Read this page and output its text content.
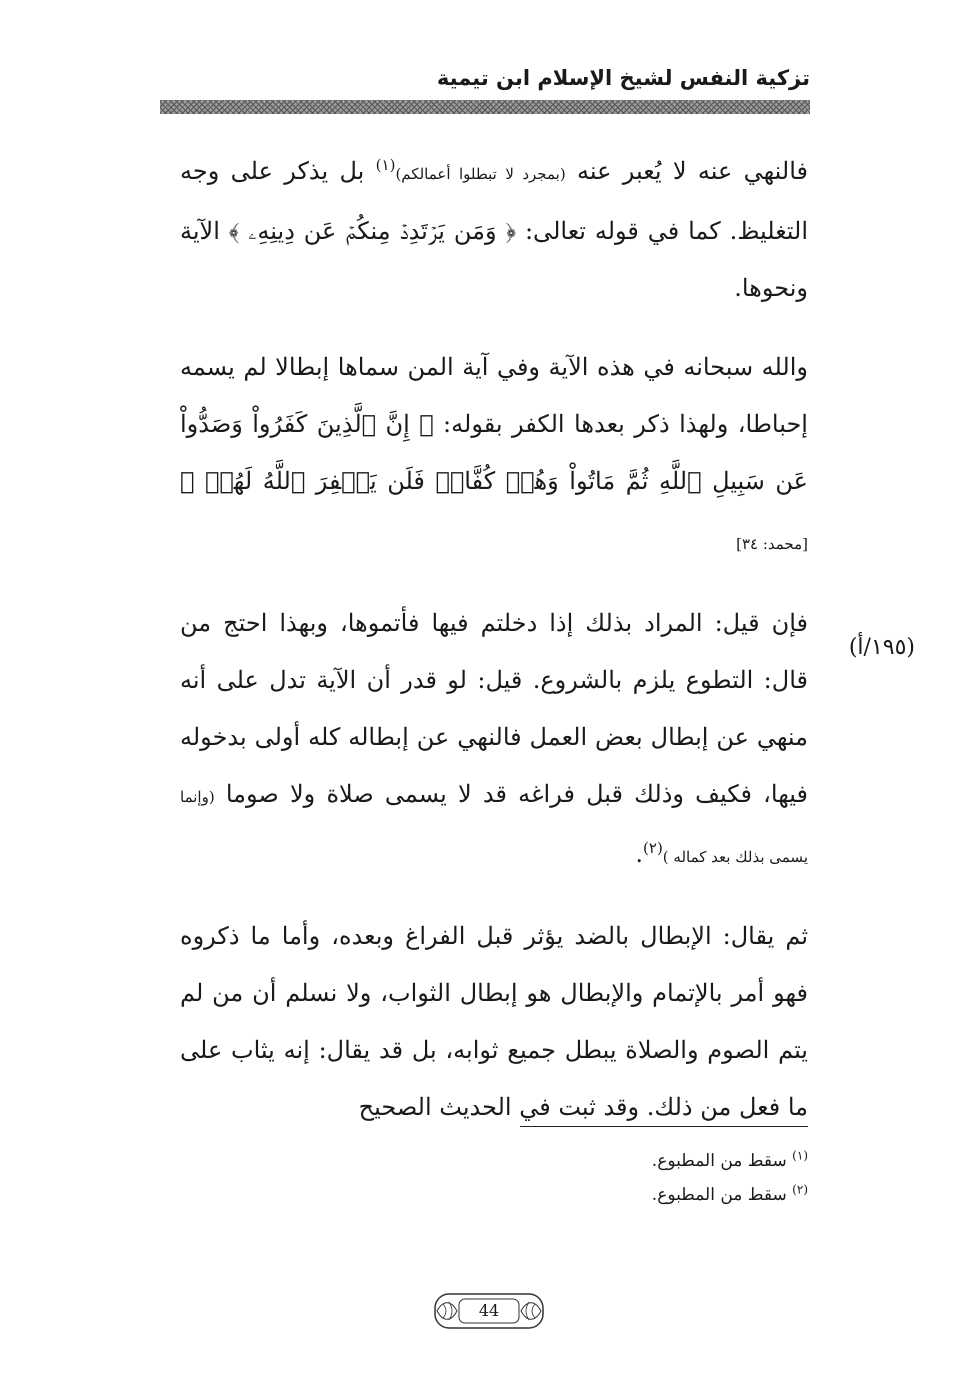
تزكية النفس لشيخ الإسلام ابن تيمية

فالنهي عنه لا يُعبر عنه (بمجرد لا تبطلوا أعمالكم)$^{(١)}$ بل يذكر على وجه التغليظ. كما في قوله تعالى: ﴿ وَمَن يَرۡتَدِدۡ مِنكُمۡ عَن دِينِهِۦ ﴾ الآية ونحوها.

والله سبحانه في هذه الآية وفي آية المن سماها إبطالا لم يسمه إحباطا، ولهذا ذكر بعدها الكفر بقوله: ﴿ إِنَّ ٱلَّذِينَ كَفَرُواْ وَصَدُّواْ عَن سَبِيلِ ٱللَّهِ ثُمَّ مَاتُواْ وَهُمۡ كُفَّارٞ فَلَن يَغۡفِرَ ٱللَّهُ لَهُمۡ ﴾ [محمد: ٣٤]

فإن قيل: المراد بذلك إذا دخلتم فيها فأتموها، وبهذا احتج من قال: التطوع يلزم بالشروع. قيل: لو قدر أن الآية تدل على أنه منهي عن إبطال بعض العمل فالنهي عن إبطاله كله أولى بدخوله فيها، فكيف وذلك قبل فراغه قد لا يسمى صلاة ولا صوما (وإنما يسمى بذلك بعد كماله )$^{(٢)}$.

ثم يقال: الإبطال بالضد يؤثر قبل الفراغ وبعده، وأما ما ذكروه فهو أمر بالإتمام والإبطال هو إبطال الثواب، ولا نسلم أن من لم يتم الصوم والصلاة يبطل جميع ثوابه، بل قد يقال: إنه يثاب على ما فعل من ذلك. وقد ثبت في الحديث الصحيح

(١٩٥/أ)
$^{(١)}$ سقط من المطبوع.
$^{(٢)}$ سقط من المطبوع.
44
